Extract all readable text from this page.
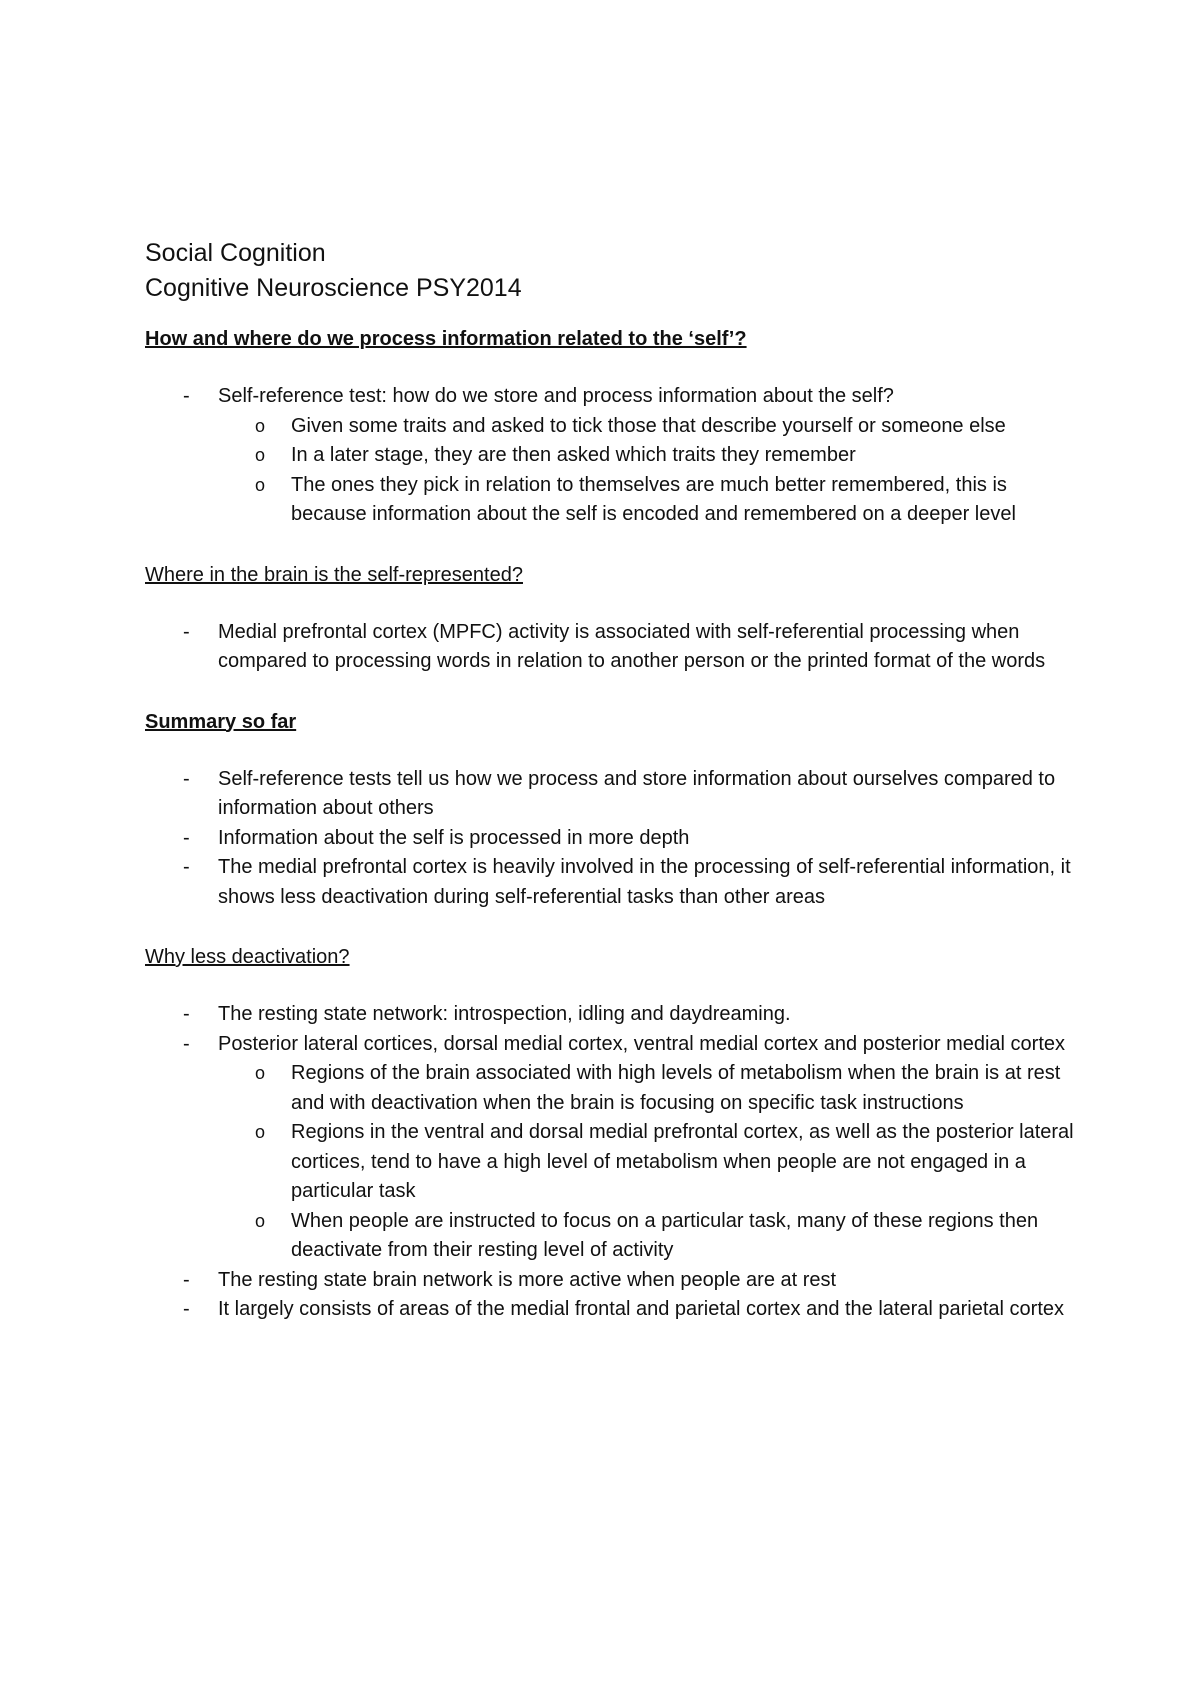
Social Cognition
Cognitive Neuroscience PSY2014
How and where do we process information related to the ‘self’?
- Self-reference test: how do we store and process information about the self?
o Given some traits and asked to tick those that describe yourself or someone else
o In a later stage, they are then asked which traits they remember
o The ones they pick in relation to themselves are much better remembered, this is because information about the self is encoded and remembered on a deeper level
Where in the brain is the self-represented?
- Medial prefrontal cortex (MPFC) activity is associated with self-referential processing when compared to processing words in relation to another person or the printed format of the words
Summary so far
- Self-reference tests tell us how we process and store information about ourselves compared to information about others
- Information about the self is processed in more depth
- The medial prefrontal cortex is heavily involved in the processing of self-referential information, it shows less deactivation during self-referential tasks than other areas
Why less deactivation?
- The resting state network: introspection, idling and daydreaming.
- Posterior lateral cortices, dorsal medial cortex, ventral medial cortex and posterior medial cortex
o Regions of the brain associated with high levels of metabolism when the brain is at rest and with deactivation when the brain is focusing on specific task instructions
o Regions in the ventral and dorsal medial prefrontal cortex, as well as the posterior lateral cortices, tend to have a high level of metabolism when people are not engaged in a particular task
o When people are instructed to focus on a particular task, many of these regions then deactivate from their resting level of activity
- The resting state brain network is more active when people are at rest
- It largely consists of areas of the medial frontal and parietal cortex and the lateral parietal cortex
